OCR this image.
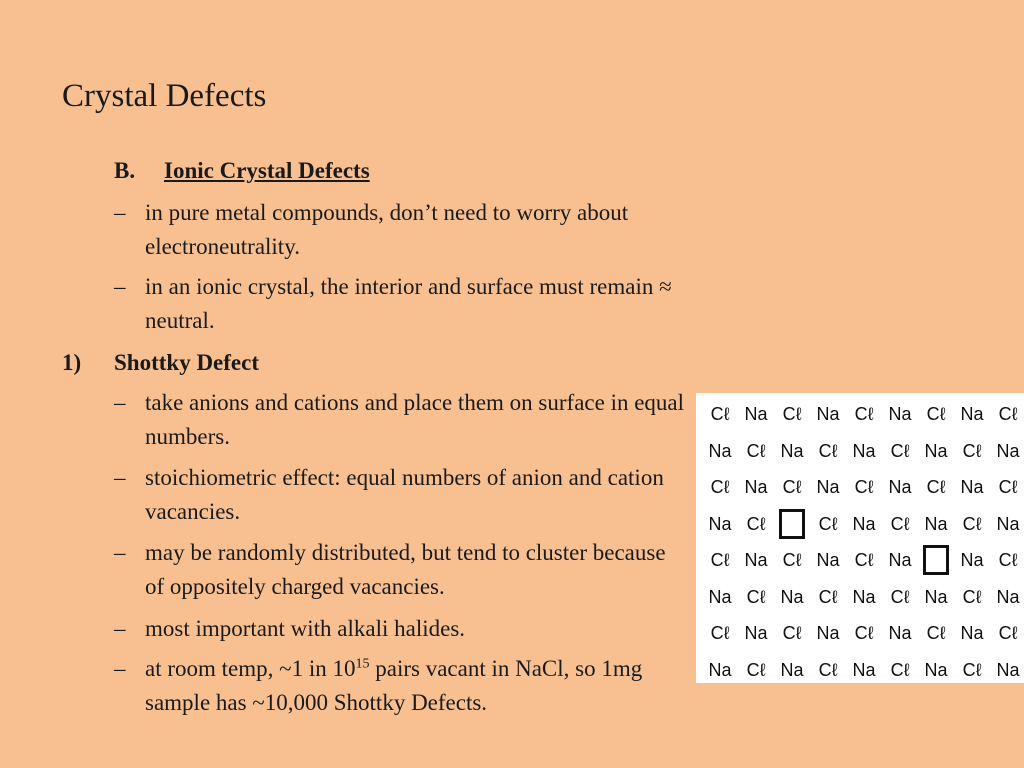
Crystal Defects
B. Ionic Crystal Defects
– in pure metal compounds, don’t need to worry about electroneutrality.
– in an ionic crystal, the interior and surface must remain ≈ neutral.
1) Shottky Defect
– take anions and cations and place them on surface in equal numbers.
– stoichiometric effect: equal numbers of anion and cation vacancies.
– may be randomly distributed, but tend to cluster because of oppositely charged vacancies.
– most important with alkali halides.
– at room temp, ~1 in $10^{15}$ pairs vacant in NaCl, so 1mg sample has ~10,000 Shottky Defects.
Cℓ Na Cℓ Na Cℓ Na Cℓ Na Cℓ
Na Cℓ Na Cℓ Na Cℓ Na Cℓ Na
Cℓ Na Cℓ Na Cℓ Na Cℓ Na Cℓ
Na Cℓ	Cℓ Na Cℓ Na Cℓ Na
Cℓ Na Cℓ Na Cℓ Na	Na Cℓ
Na Cℓ Na Cℓ Na Cℓ Na Cℓ Na
Cℓ Na Cℓ Na Cℓ Na Cℓ Na Cℓ
Na Cℓ Na Cℓ Na Cℓ Na Cℓ Na
